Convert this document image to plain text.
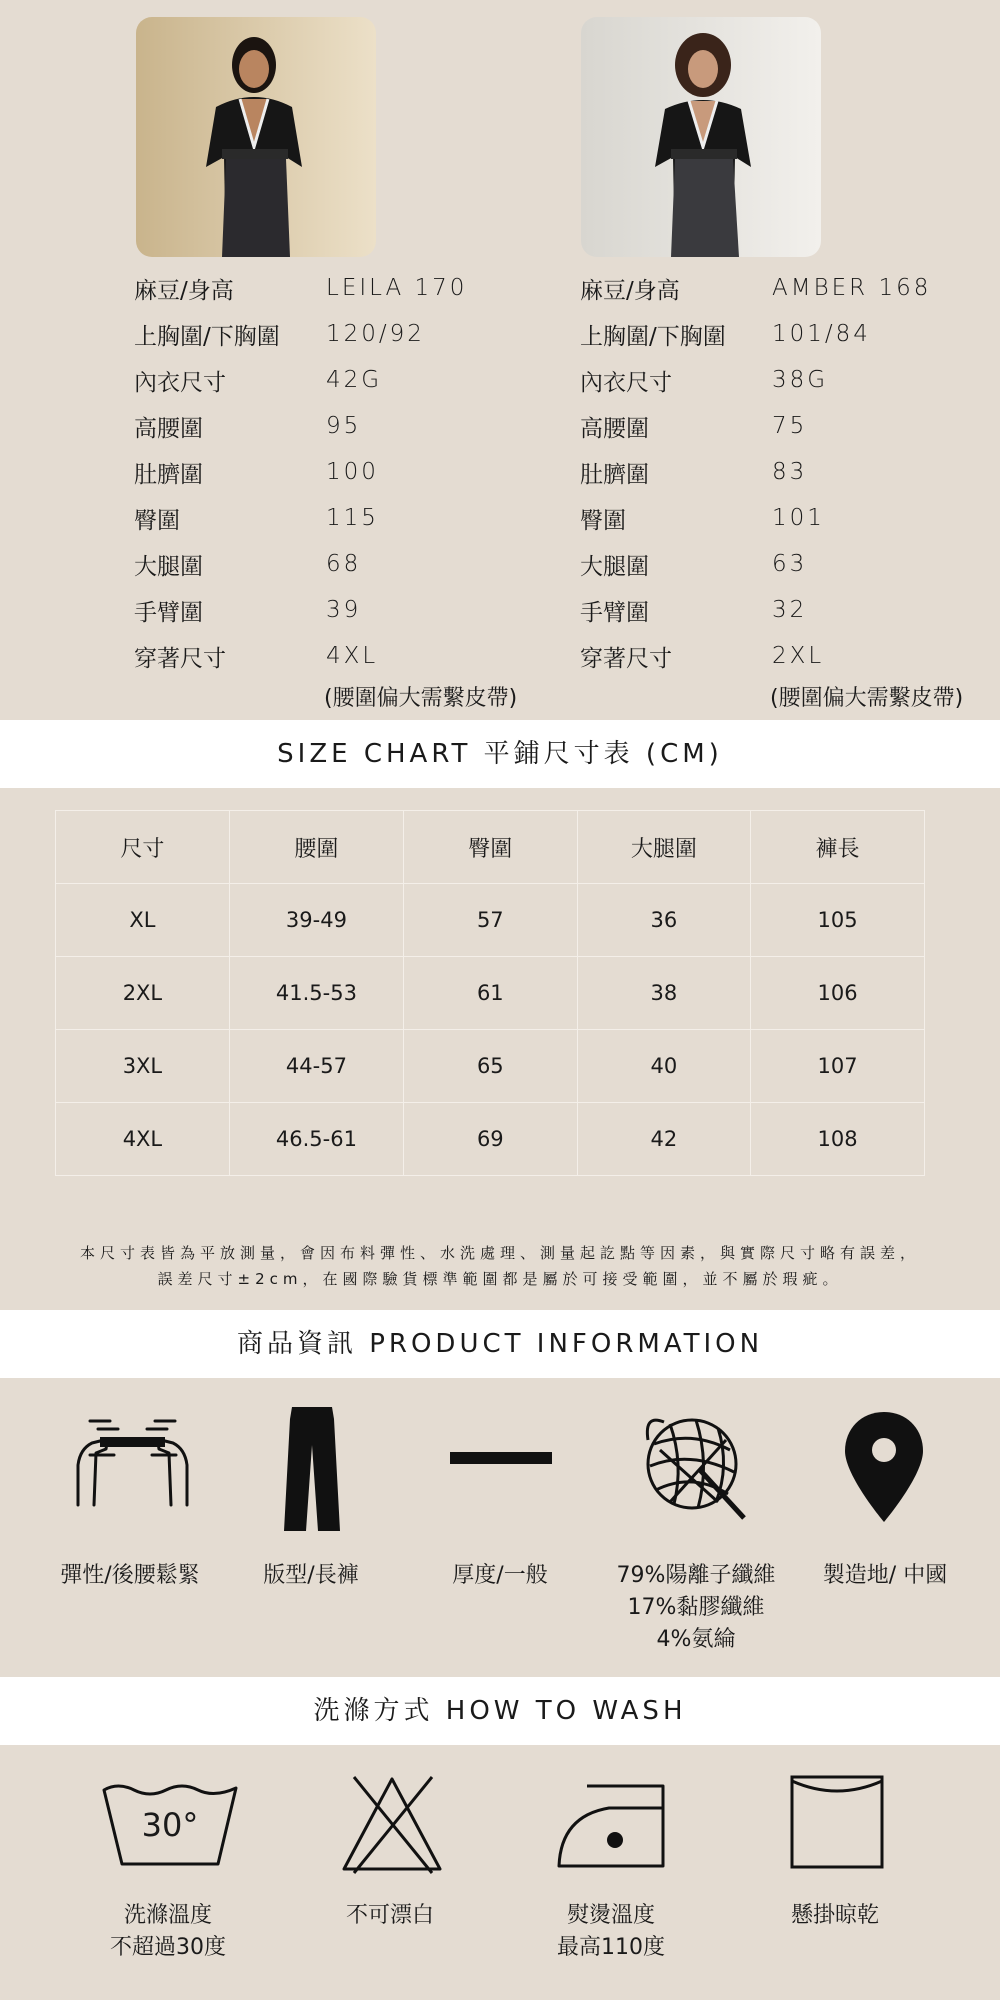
麻豆/身高	LEILA 170
上胸圍/下胸圍	120/92
內衣尺寸	42G
高腰圍	95
肚臍圍	100
臀圍	115
大腿圍	68
手臂圍	39
穿著尺寸	4XL
(腰圍偏大需繫皮帶)
麻豆/身高	AMBER 168
上胸圍/下胸圍	101/84
內衣尺寸	38G
高腰圍	75
肚臍圍	83
臀圍	101
大腿圍	63
手臂圍	32
穿著尺寸	2XL
(腰圍偏大需繫皮帶)
SIZE CHART 平鋪尺寸表 (CM)
尺寸	腰圍	臀圍	大腿圍	褲長
XL	39-49	57	36	105
2XL	41.5-53	61	38	106
3XL	44-57	65	40	107
4XL	46.5-61	69	42	108
本尺寸表皆為平放測量，會因布料彈性、水洗處理、測量起訖點等因素，與實際尺寸略有誤差，
誤差尺寸±2cm，在國際驗貨標準範圍都是屬於可接受範圍，並不屬於瑕疵。
商品資訊 PRODUCT INFORMATION
彈性/後腰鬆緊	版型/長褲	厚度/一般	79%陽離子纖維
17%黏膠纖維
4%氨綸
製造地/ 中國
洗滌方式 HOW TO WASH
30°
洗滌溫度
不超過30度
不可漂白	熨燙溫度
最高110度
懸掛晾乾
